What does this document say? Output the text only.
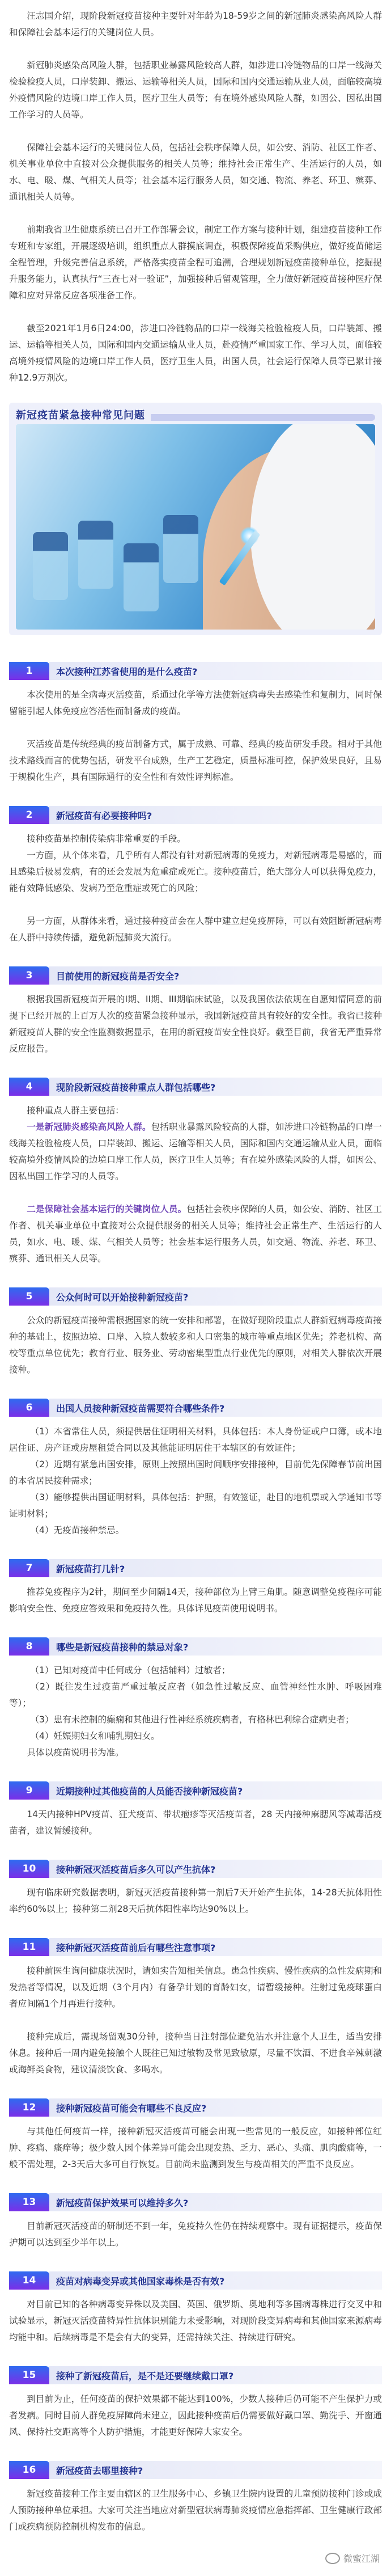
汪志国介绍，现阶段新冠疫苗接种主要针对年龄为18-59岁之间的新冠肺炎感染高风险人群和保障社会基本运行的关键岗位人员。

新冠肺炎感染高风险人群，包括职业暴露风险较高人群，如涉进口冷链物品的口岸一线海关检验检疫人员，口岸装卸、搬运、运输等相关人员，国际和国内交通运输从业人员，面临较高境外疫情风险的边境口岸工作人员，医疗卫生人员等；有在境外感染风险人群，如因公、因私出国工作学习的人员等。

保障社会基本运行的关键岗位人员，包括社会秩序保障人员，如公安、消防、社区工作者、机关事业单位中直接对公众提供服务的相关人员等；维持社会正常生产、生活运行的人员，如水、电、暖、煤、气相关人员等；社会基本运行服务人员，如交通、物流、养老、环卫、殡葬、通讯相关人员等。

前期我省卫生健康系统已召开工作部署会议，制定工作方案与接种计划，组建疫苗接种工作专班和专家组，开展逐级培训，组织重点人群摸底调查，积极保障疫苗采购供应，做好疫苗储运全程管理，升级完善信息系统，严格落实疫苗全程可追溯，合理规划新冠疫苗接种单位，挖掘提升服务能力，认真执行“三查七对一验证”，加强接种后留观管理，全力做好新冠疫苗接种医疗保障和应对异常反应各项准备工作。

截至2021年1月6日24:00，涉进口冷链物品的口岸一线海关检验检疫人员，口岸装卸、搬运、运输等相关人员，国际和国内交通运输从业人员，赴疫情严重国家工作、学习人员，面临较高境外疫情风险的边境口岸工作人员，医疗卫生人员，出国人员，社会运行保障人员等已累计接种12.9万剂次。

新冠疫苗紧急接种常见问题
1	本次接种江苏省使用的是什么疫苗?

本次使用的是全病毒灭活疫苗，系通过化学等方法使新冠病毒失去感染性和复制力，同时保留能引起人体免疫应答活性而制备成的疫苗。

灭活疫苗是传统经典的疫苗制备方式，属于成熟、可靠、经典的疫苗研发手段。相对于其他技术路线而言的优势包括，研发平台成熟，生产工艺稳定，质量标准可控，保护效果良好，且易于规模化生产，具有国际通行的安全性和有效性评判标准。

2	新冠疫苗有必要接种吗?

接种疫苗是控制传染病非常重要的手段。

一方面，从个体来看，几乎所有人都没有针对新冠病毒的免疫力，对新冠病毒是易感的，而且感染后极易发病，有的还会发展为危重症或死亡。接种疫苗后，绝大部分人可以获得免疫力，能有效降低感染、发病乃至危重症或死亡的风险；

另一方面，从群体来看，通过接种疫苗会在人群中建立起免疫屏障，可以有效阻断新冠病毒在人群中持续传播，避免新冠肺炎大流行。

3	目前使用的新冠疫苗是否安全?

根据我国新冠疫苗开展的I期、II期、III期临床试验，以及我国依法依规在自愿知情同意的前提下已经开展的上百万人次的疫苗紧急接种显示，我国新冠疫苗具有较好的安全性。我省已接种新冠疫苗人群的安全性监测数据显示，在用的新冠疫苗安全性良好。截至目前，我省无严重异常反应报告。

4	现阶段新冠疫苗接种重点人群包括哪些?

接种重点人群主要包括：

一是新冠肺炎感染高风险人群。包括职业暴露风险较高的人群，如涉进口冷链物品的口岸一线海关检验检疫人员，口岸装卸、搬运、运输等相关人员，国际和国内交通运输从业人员，面临较高境外疫情风险的边境口岸工作人员，医疗卫生人员等；有在境外感染风险的人群，如因公、因私出国工作学习的人员等。

二是保障社会基本运行的关键岗位人员。包括社会秩序保障的人员，如公安、消防、社区工作者、机关事业单位中直接对公众提供服务的相关人员等；维持社会正常生产、生活运行的人员，如水、电、暖、煤、气相关人员等；社会基本运行服务人员，如交通、物流、养老、环卫、殡葬、通讯相关人员等。

5	公众何时可以开始接种新冠疫苗?

公众的新冠疫苗接种需根据国家的统一安排和部署，在做好现阶段重点人群新冠病毒疫苗接种的基础上，按照边境、口岸、入境人数较多和人口密集的城市等重点地区优先；养老机构、高校等重点单位优先；教育行业、服务业、劳动密集型重点行业优先的原则，对相关人群依次开展接种。

6	出国人员接种新冠疫苗需要符合哪些条件?

（1）本省常住人员，须提供居住证明相关材料，具体包括：本人身份证或户口簿，或本地居住证、房产证或房屋租赁合同以及其他能证明居住于本辖区的有效证件；

（2）近期有紧急出国安排，原则上按照出国时间顺序安排接种，目前优先保障春节前出国的本省居民接种需求；

（3）能够提供出国证明材料，具体包括：护照，有效签证，赴目的地机票或入学通知书等证明材料；

（4）无疫苗接种禁忌。

7	新冠疫苗打几针?

推荐免疫程序为2针，期间至少间隔14天，接种部位为上臂三角肌。随意调整免疫程序可能影响安全性、免疫应答效果和免疫持久性。具体详见疫苗使用说明书。

8	哪些是新冠疫苗接种的禁忌对象?

（1）已知对疫苗中任何成分（包括辅料）过敏者；

（2）既往发生过疫苗严重过敏反应者（如急性过敏反应、血管神经性水肿、呼吸困难等）；

（3）患有未控制的癫痫和其他进行性神经系统疾病者，有格林巴利综合症病史者；

（4）妊娠期妇女和哺乳期妇女。

具体以疫苗说明书为准。

9	近期接种过其他疫苗的人员能否接种新冠疫苗?

14天内接种HPV疫苗、狂犬疫苗、带状疱疹等灭活疫苗者，28 天内接种麻腮风等减毒活疫苗者，建议暂缓接种。

10	接种新冠灭活疫苗后多久可以产生抗体?

现有临床研究数据表明，新冠灭活疫苗接种第一剂后7天开始产生抗体，14-28天抗体阳性率约60%以上；接种第二剂28天后抗体阳性率均达90%以上。

11	接种新冠灭活疫苗前后有哪些注意事项?

接种前医生询问健康状况时，请如实告知相关信息。患急性疾病、慢性疾病的急性发病期和发热者等情况，以及近期（3个月内）有备孕计划的育龄妇女，请暂缓接种。注射过免疫球蛋白者应间隔1个月再进行接种。

接种完成后，需现场留观30分钟，接种当日注射部位避免沾水并注意个人卫生，适当安排休息。接种后一周内避免接触个人既往已知过敏物及常见致敏原，尽量不饮酒、不进食辛辣刺激或海鲜类食物，建议清淡饮食、多喝水。

12	接种新冠疫苗可能会有哪些不良反应?

与其他任何疫苗一样，接种新冠灭活疫苗可能会出现一些常见的一般反应，如接种部位红肿、疼痛、瘙痒等；极少数人因个体差异可能会出现发热、乏力、恶心、头痛、肌肉酸痛等，一般不需处理，2-3天后大多可自行恢复。目前尚未监测到发生与疫苗相关的严重不良反应。

13	新冠疫苗保护效果可以维持多久?

目前新冠灭活疫苗的研制还不到一年，免疫持久性仍在持续观察中。现有证据提示，疫苗保护期可以达到至少半年以上。

14	疫苗对病毒变异或其他国家毒株是否有效?

对目前已知的各种病毒变异株以及美国、英国、俄罗斯、奥地利等多国病毒株进行交叉中和试验显示，新冠灭活疫苗特异性抗体识别能力未受影响，对现阶段变异病毒和其他国家来源病毒均能中和。后续病毒是不是会有大的变异，还需持续关注、持续进行研究。

15	接种了新冠疫苗后，是不是还要继续戴口罩?

到目前为止，任何疫苗的保护效果都不能达到100%，少数人接种后仍可能不产生保护力或者发病。同时目前人群免疫屏障尚未建立，因此接种疫苗后仍需要做好戴口罩、勤洗手、开窗通风、保持社交距离等个人防护措施，才能更好保障大家安全。

16	新冠疫苗去哪里接种?

新冠疫苗接种工作主要由辖区的卫生服务中心、乡镇卫生院内设置的儿童预防接种门诊或成人预防接种单位承担。大家可关注当地应对新型冠状病毒肺炎疫情应急指挥部、卫生健康行政部门或疾病预防控制机构发布的信息。

微蜜江湖
